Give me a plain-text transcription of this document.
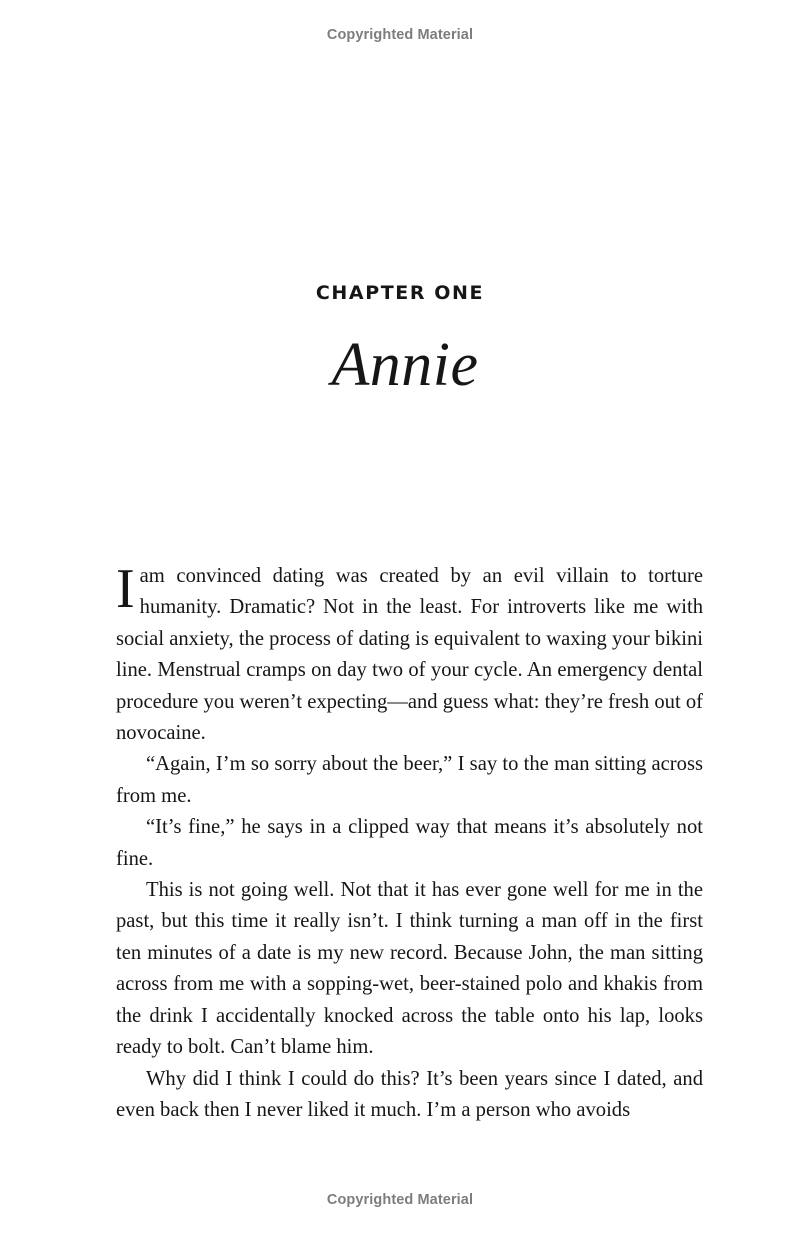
Copyrighted Material
CHAPTER ONE
Annie

Iam convinced dating was created by an evil villain to torture humanity. Dramatic? Not in the least. For introverts like me with social anxiety, the process of dating is equivalent to waxing your bikini line. Menstrual cramps on day two of your cycle. An emergency dental procedure you weren’t expecting—and guess what: they’re fresh out of novocaine.

“Again, I’m so sorry about the beer,” I say to the man sitting across from me.

“It’s fine,” he says in a clipped way that means it’s absolutely not fine.

This is not going well. Not that it has ever gone well for me in the past, but this time it really isn’t. I think turning a man off in the first ten minutes of a date is my new record. Because John, the man sitting across from me with a sopping-wet, beer-stained polo and khakis from the drink I accidentally knocked across the table onto his lap, looks ready to bolt. Can’t blame him.

Why did I think I could do this? It’s been years since I dated, and even back then I never liked it much. I’m a person who avoids

Copyrighted Material
